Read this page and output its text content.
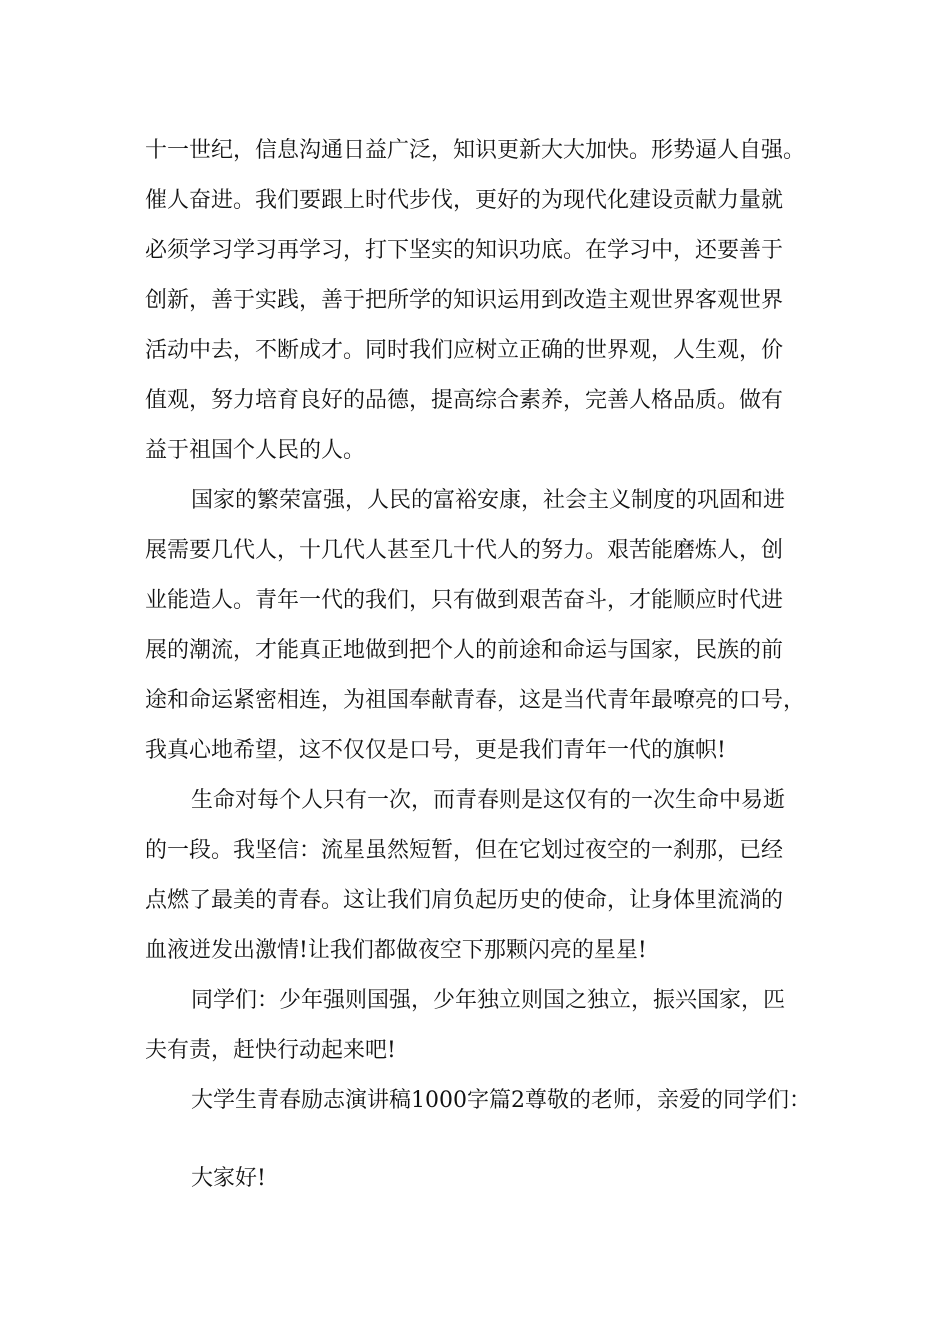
十一世纪，信息沟通日益广泛，知识更新大大加快。形势逼人自强。
催人奋进。我们要跟上时代步伐，更好的为现代化建设贡献力量就
必须学习学习再学习，打下坚实的知识功底。在学习中，还要善于
创新，善于实践，善于把所学的知识运用到改造主观世界客观世界
活动中去，不断成才。同时我们应树立正确的世界观，人生观，价
值观，努力培育良好的品德，提高综合素养，完善人格品质。做有
益于祖国个人民的人。
国家的繁荣富强，人民的富裕安康，社会主义制度的巩固和进
展需要几代人，十几代人甚至几十代人的努力。艰苦能磨炼人，创
业能造人。青年一代的我们，只有做到艰苦奋斗，才能顺应时代进
展的潮流，才能真正地做到把个人的前途和命运与国家，民族的前
途和命运紧密相连，为祖国奉献青春，这是当代青年最嘹亮的口号，
我真心地希望，这不仅仅是口号，更是我们青年一代的旗帜!
生命对每个人只有一次，而青春则是这仅有的一次生命中易逝
的一段。我坚信：流星虽然短暂，但在它划过夜空的一刹那，已经
点燃了最美的青春。这让我们肩负起历史的使命，让身体里流淌的
血液迸发出激情!让我们都做夜空下那颗闪亮的星星!
同学们：少年强则国强，少年独立则国之独立，振兴国家，匹
夫有责，赶快行动起来吧!
大学生青春励志演讲稿1000字篇2尊敬的老师，亲爱的同学们：
大家好!
